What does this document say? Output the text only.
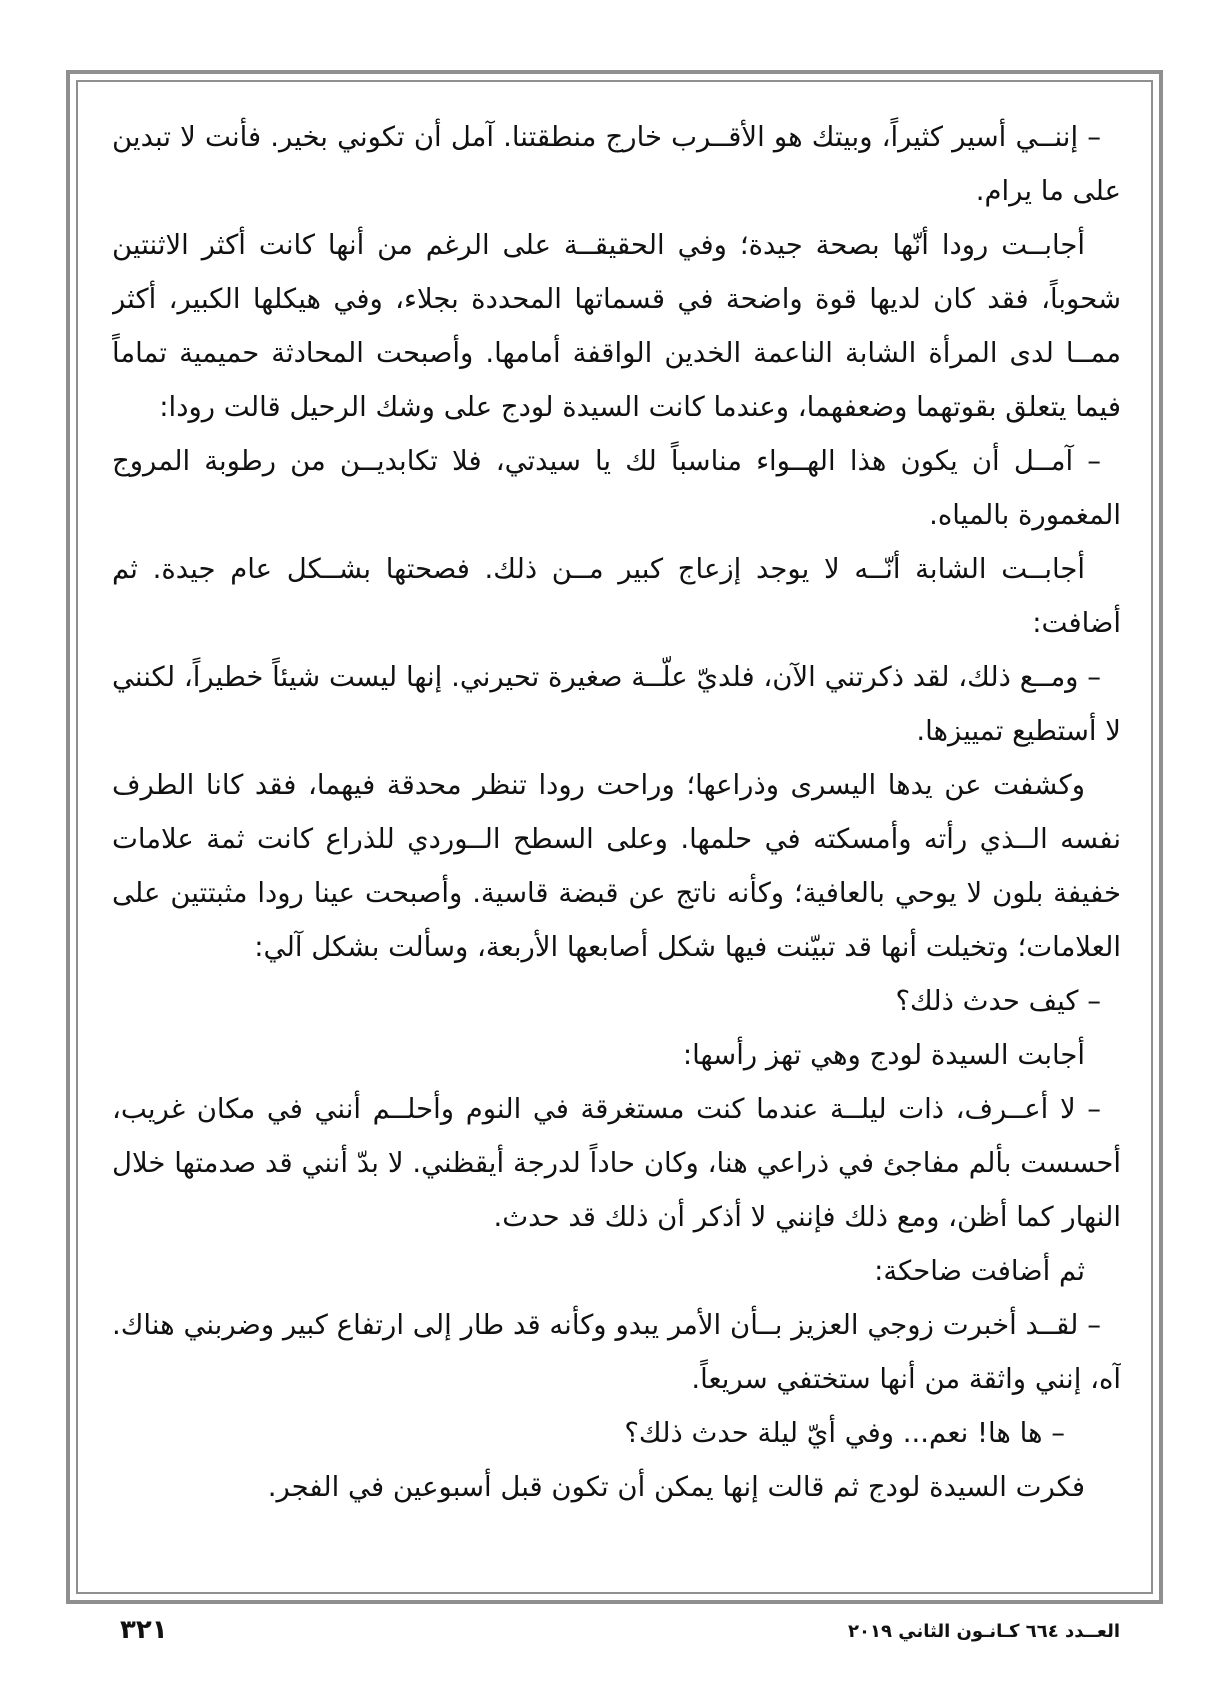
– إننــي أسير كثيراً، وبيتك هو الأقــرب خارج منطقتنا. آمل أن تكوني بخير. فأنت لا تبدين على ما يرام.

أجابــت رودا أنّها بصحة جيدة؛ وفي الحقيقــة على الرغم من أنها كانت أكثر الاثنتين شحوباً، فقد كان لديها قوة واضحة في قسماتها المحددة بجلاء، وفي هيكلها الكبير، أكثر ممــا لدى المرأة الشابة الناعمة الخدين الواقفة أمامها. وأصبحت المحادثة حميمية تماماً فيما يتعلق بقوتهما وضعفهما، وعندما كانت السيدة لودج على وشك الرحيل قالت رودا:

– آمــل أن يكون هذا الهــواء مناسباً لك يا سيدتي، فلا تكابديــن من رطوبة المروج المغمورة بالمياه.

أجابــت الشابة أنّــه لا يوجد إزعاج كبير مــن ذلك. فصحتها بشــكل عام جيدة. ثم أضافت:

– ومــع ذلك، لقد ذكرتني الآن، فلديّ علّــة صغيرة تحيرني. إنها ليست شيئاً خطيراً، لكنني لا أستطيع تمييزها.

وكشفت عن يدها اليسرى وذراعها؛ وراحت رودا تنظر محدقة فيهما، فقد كانا الطرف نفسه الــذي رأته وأمسكته في حلمها. وعلى السطح الــوردي للذراع كانت ثمة علامات خفيفة بلون لا يوحي بالعافية؛ وكأنه ناتج عن قبضة قاسية. وأصبحت عينا رودا مثبتتين على العلامات؛ وتخيلت أنها قد تبيّنت فيها شكل أصابعها الأربعة، وسألت بشكل آلي:

– كيف حدث ذلك؟

أجابت السيدة لودج وهي تهز رأسها:

– لا أعــرف، ذات ليلــة عندما كنت مستغرقة في النوم وأحلــم أنني في مكان غريب، أحسست بألم مفاجئ في ذراعي هنا، وكان حاداً لدرجة أيقظني. لا بدّ أنني قد صدمتها خلال النهار كما أظن، ومع ذلك فإنني لا أذكر أن ذلك قد حدث.

ثم أضافت ضاحكة:

– لقــد أخبرت زوجي العزيز بــأن الأمر يبدو وكأنه قد طار إلى ارتفاع كبير وضربني هناك. آه، إنني واثقة من أنها ستختفي سريعاً.

– ها ها! نعم... وفي أيّ ليلة حدث ذلك؟

فكرت السيدة لودج ثم قالت إنها يمكن أن تكون قبل أسبوعين في الفجر.

العــدد ٦٦٤ كـانـون الثاني ٢٠١٩
٣٢١
